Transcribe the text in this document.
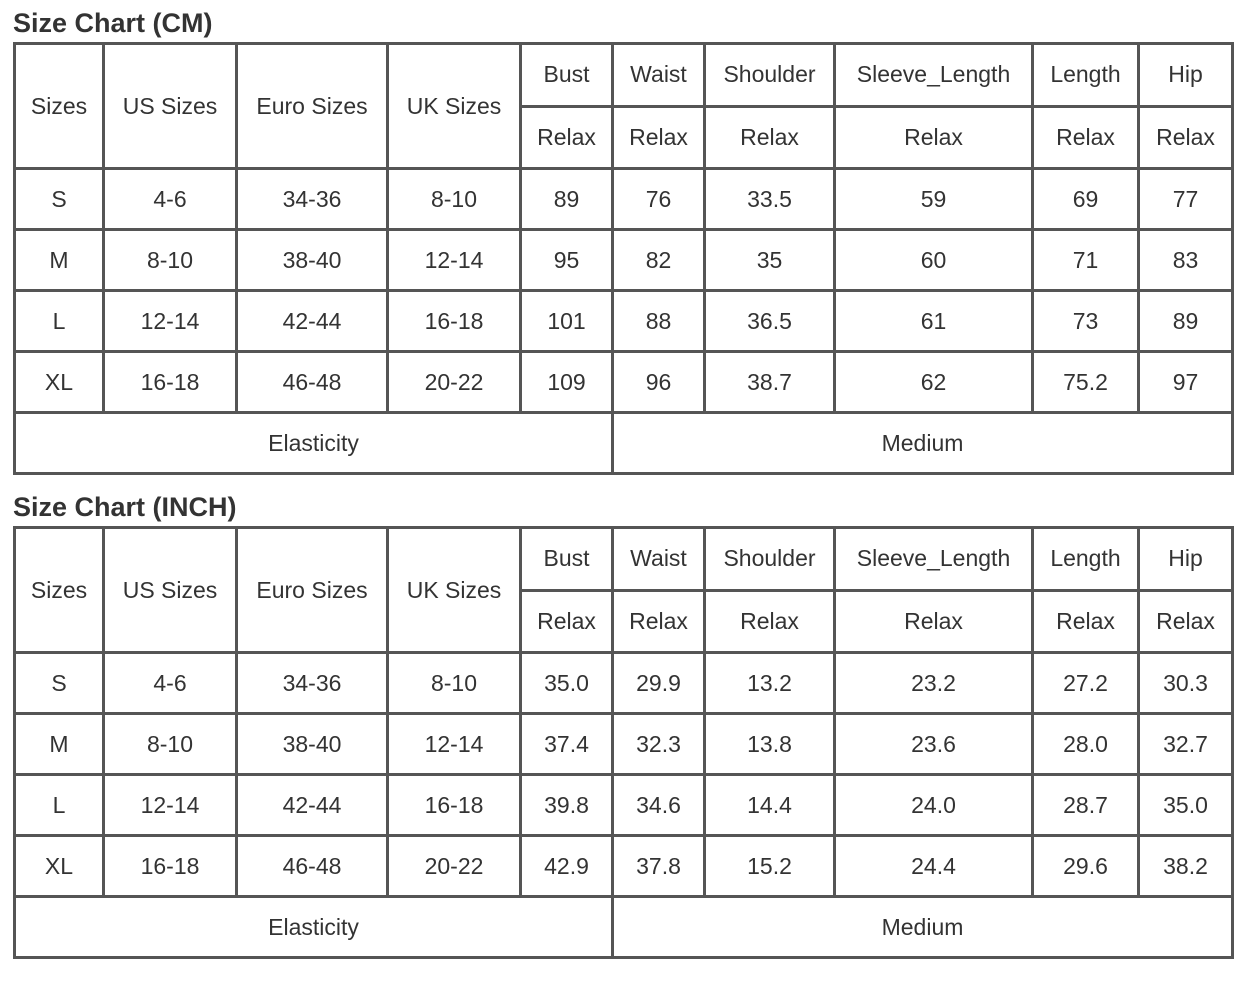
Size Chart (CM)
Sizes	US Sizes	Euro Sizes	UK Sizes	Bust	Waist	Shoulder	Sleeve_Length	Length	Hip
				Relax	Relax	Relax	Relax	Relax	Relax
S	4-6	34-36	8-10	89	76	33.5	59	69	77
M	8-10	38-40	12-14	95	82	35	60	71	83
L	12-14	42-44	16-18	101	88	36.5	61	73	89
XL	16-18	46-48	20-22	109	96	38.7	62	75.2	97
Elasticity					Medium				
Size Chart (INCH)
Sizes	US Sizes	Euro Sizes	UK Sizes	Bust	Waist	Shoulder	Sleeve_Length	Length	Hip
				Relax	Relax	Relax	Relax	Relax	Relax
S	4-6	34-36	8-10	35.0	29.9	13.2	23.2	27.2	30.3
M	8-10	38-40	12-14	37.4	32.3	13.8	23.6	28.0	32.7
L	12-14	42-44	16-18	39.8	34.6	14.4	24.0	28.7	35.0
XL	16-18	46-48	20-22	42.9	37.8	15.2	24.4	29.6	38.2
Elasticity					Medium				
